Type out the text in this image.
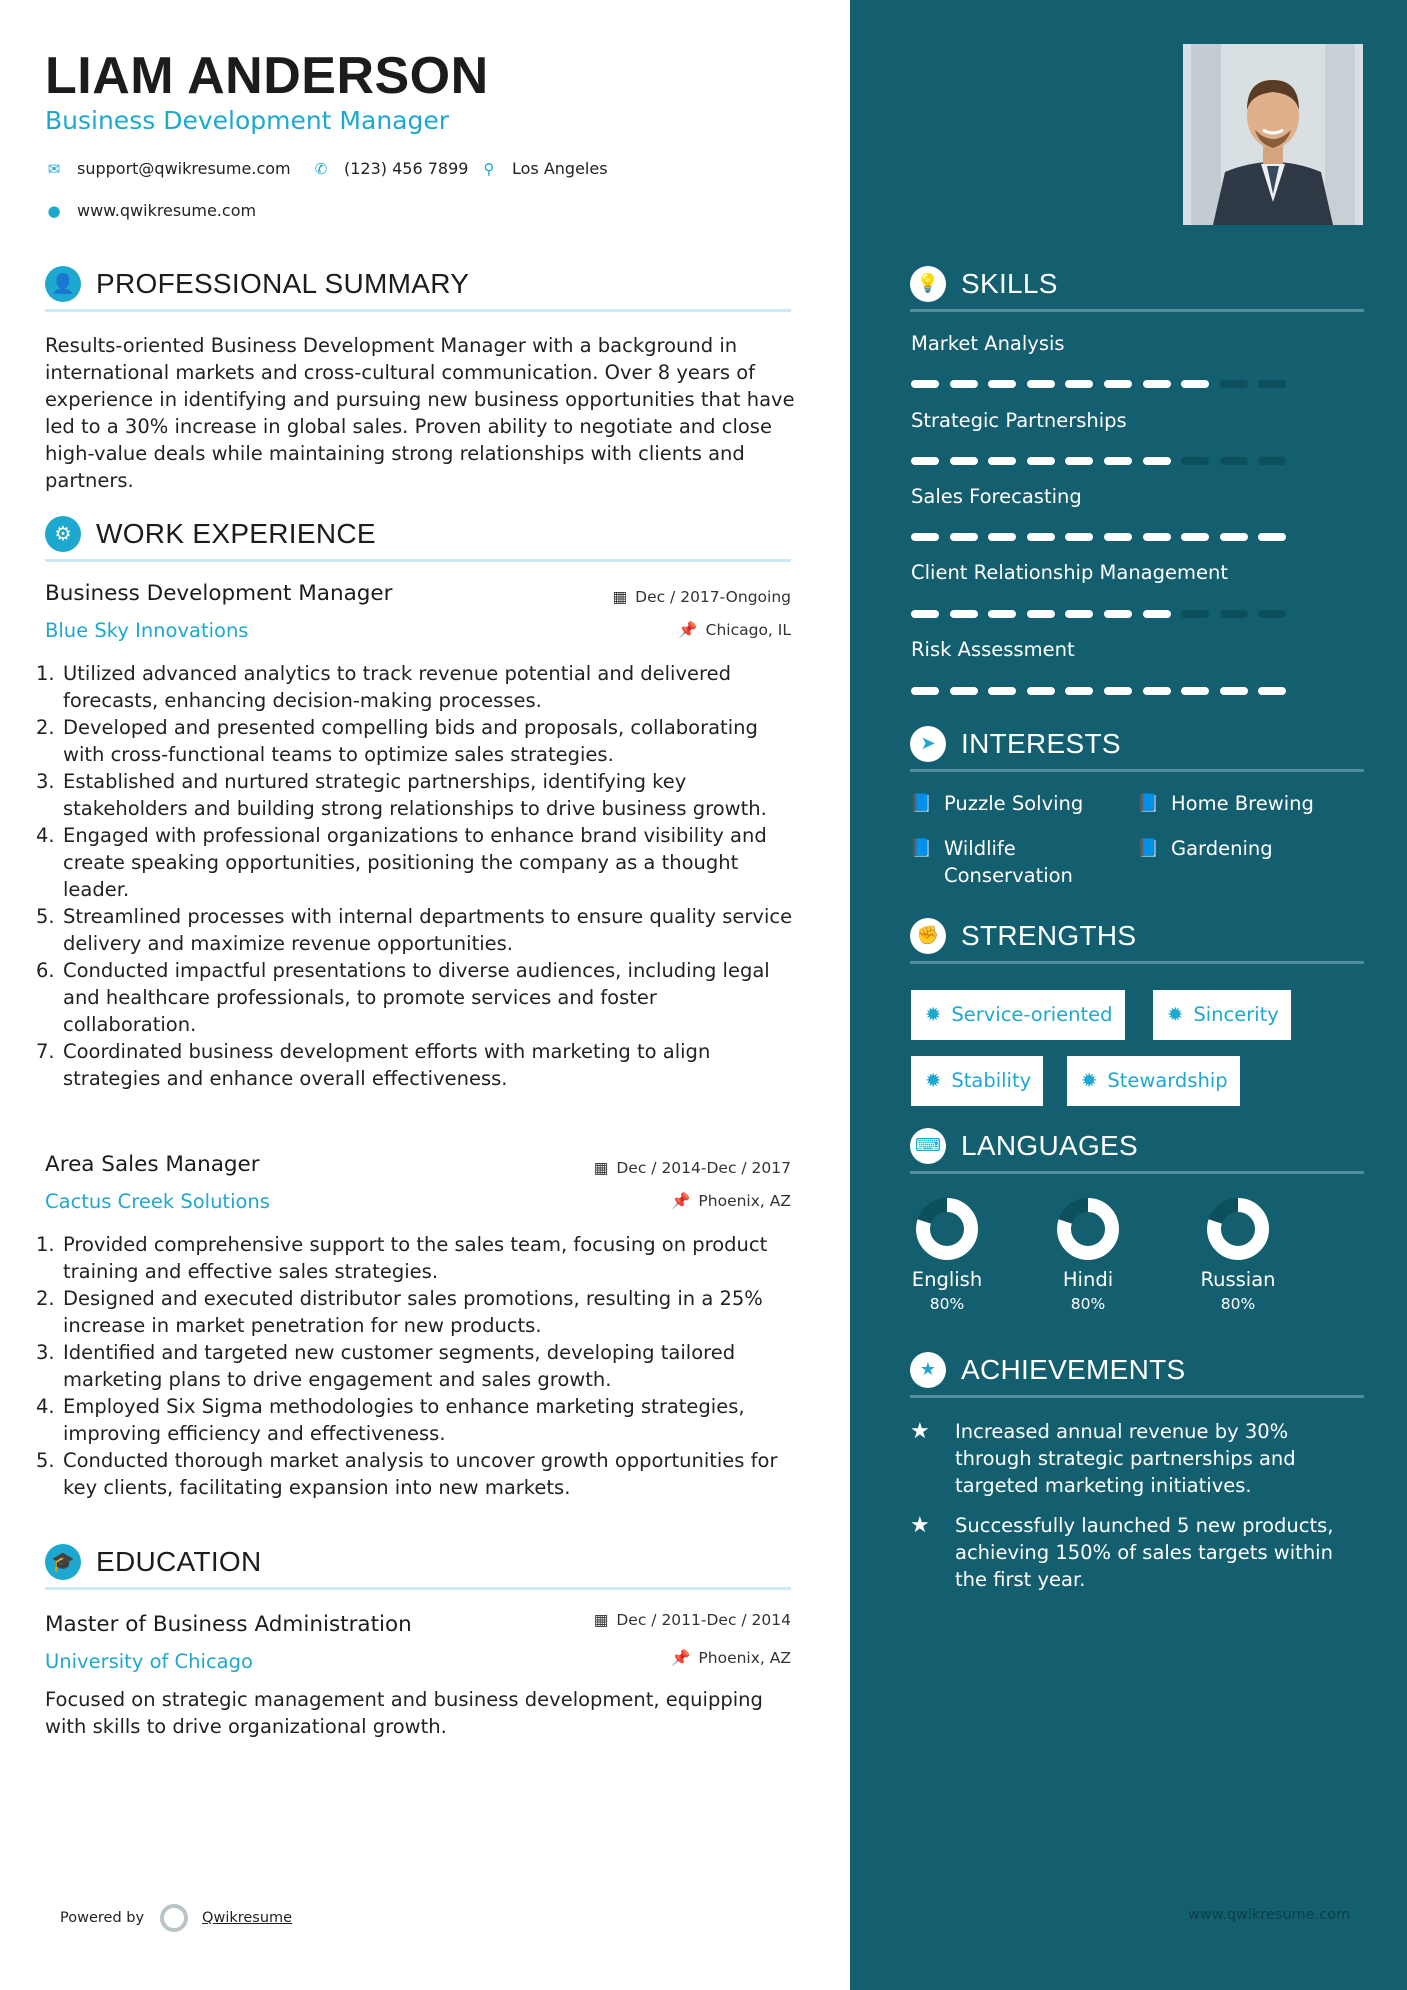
LIAM ANDERSON
Business Development Manager
✉ support@qwikresume.com ✆ (123) 456 7899 ⚲ Los Angeles
● www.qwikresume.com
👤 PROFESSIONAL SUMMARY
Results-oriented Business Development Manager with a background in international markets and cross-cultural communication. Over 8 years of experience in identifying and pursuing new business opportunities that have led to a 30% increase in global sales. Proven ability to negotiate and close high-value deals while maintaining strong relationships with clients and partners.
⚙ WORK EXPERIENCE
Business Development Manager	▦ Dec / 2017-Ongoing
Blue Sky Innovations	📌 Chicago, IL
1. Utilized advanced analytics to track revenue potential and delivered forecasts, enhancing decision-making processes.
2. Developed and presented compelling bids and proposals, collaborating with cross-functional teams to optimize sales strategies.
3. Established and nurtured strategic partnerships, identifying key stakeholders and building strong relationships to drive business growth.
4. Engaged with professional organizations to enhance brand visibility and create speaking opportunities, positioning the company as a thought leader.
5. Streamlined processes with internal departments to ensure quality service delivery and maximize revenue opportunities.
6. Conducted impactful presentations to diverse audiences, including legal and healthcare professionals, to promote services and foster collaboration.
7. Coordinated business development efforts with marketing to align strategies and enhance overall effectiveness.
Area Sales Manager	▦ Dec / 2014-Dec / 2017
Cactus Creek Solutions	📌 Phoenix, AZ
1. Provided comprehensive support to the sales team, focusing on product training and effective sales strategies.
2. Designed and executed distributor sales promotions, resulting in a 25% increase in market penetration for new products.
3. Identified and targeted new customer segments, developing tailored marketing plans to drive engagement and sales growth.
4. Employed Six Sigma methodologies to enhance marketing strategies, improving efficiency and effectiveness.
5. Conducted thorough market analysis to uncover growth opportunities for key clients, facilitating expansion into new markets.
🎓 EDUCATION
Master of Business Administration	▦ Dec / 2011-Dec / 2014
University of Chicago	📌 Phoenix, AZ
Focused on strategic management and business development, equipping with skills to drive organizational growth.
Powered by	Qwikresume
💡 SKILLS
Market Analysis
Strategic Partnerships
Sales Forecasting
Client Relationship Management
Risk Assessment
➤ INTERESTS
📘 Puzzle Solving	📘 Home Brewing
📘 Wildlife Conservation
📘 Gardening
✊ STRENGTHS
✹ Service-oriented	✹ Sincerity
✹ Stability	✹ Stewardship
⌨ LANGUAGES
English
80%
Hindi
80%
Russian
80%
★ ACHIEVEMENTS
★	Increased annual revenue by 30% through strategic partnerships and targeted marketing initiatives.
★	Successfully launched 5 new products, achieving 150% of sales targets within the first year.
www.qwikresume.com
